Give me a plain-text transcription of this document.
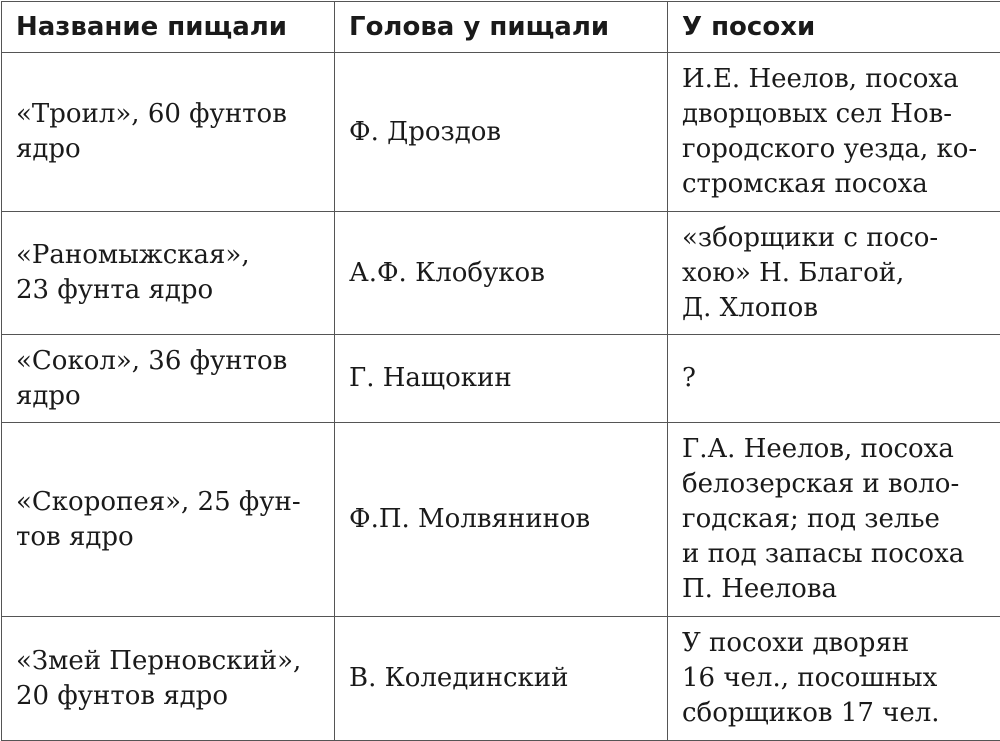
Название пищали	Голова у пищали	У посохи

«Троил», 60 фунтов
ядро	Ф. Дроздов	И.Е. Неелов, посоха
дворцовых сел Нов-
городского уезда, ко-
стромская посоха

«Раномыжская»,
23 фунта ядро	А.Ф. Клобуков	«зборщики с посо-
хою» Н. Благой,
Д. Хлопов

«Сокол», 36 фунтов
ядро	Г. Нащокин	?

«Скоропея», 25 фун-
тов ядро	Ф.П. Молвянинов	Г.А. Неелов, посоха
белозерская и воло-
годская; под зелье
и под запасы посоха
П. Неелова

«Змей Перновский»,
20 фунтов ядро	В. Колединский	У посохи дворян
16 чел., посошных
сборщиков 17 чел.
